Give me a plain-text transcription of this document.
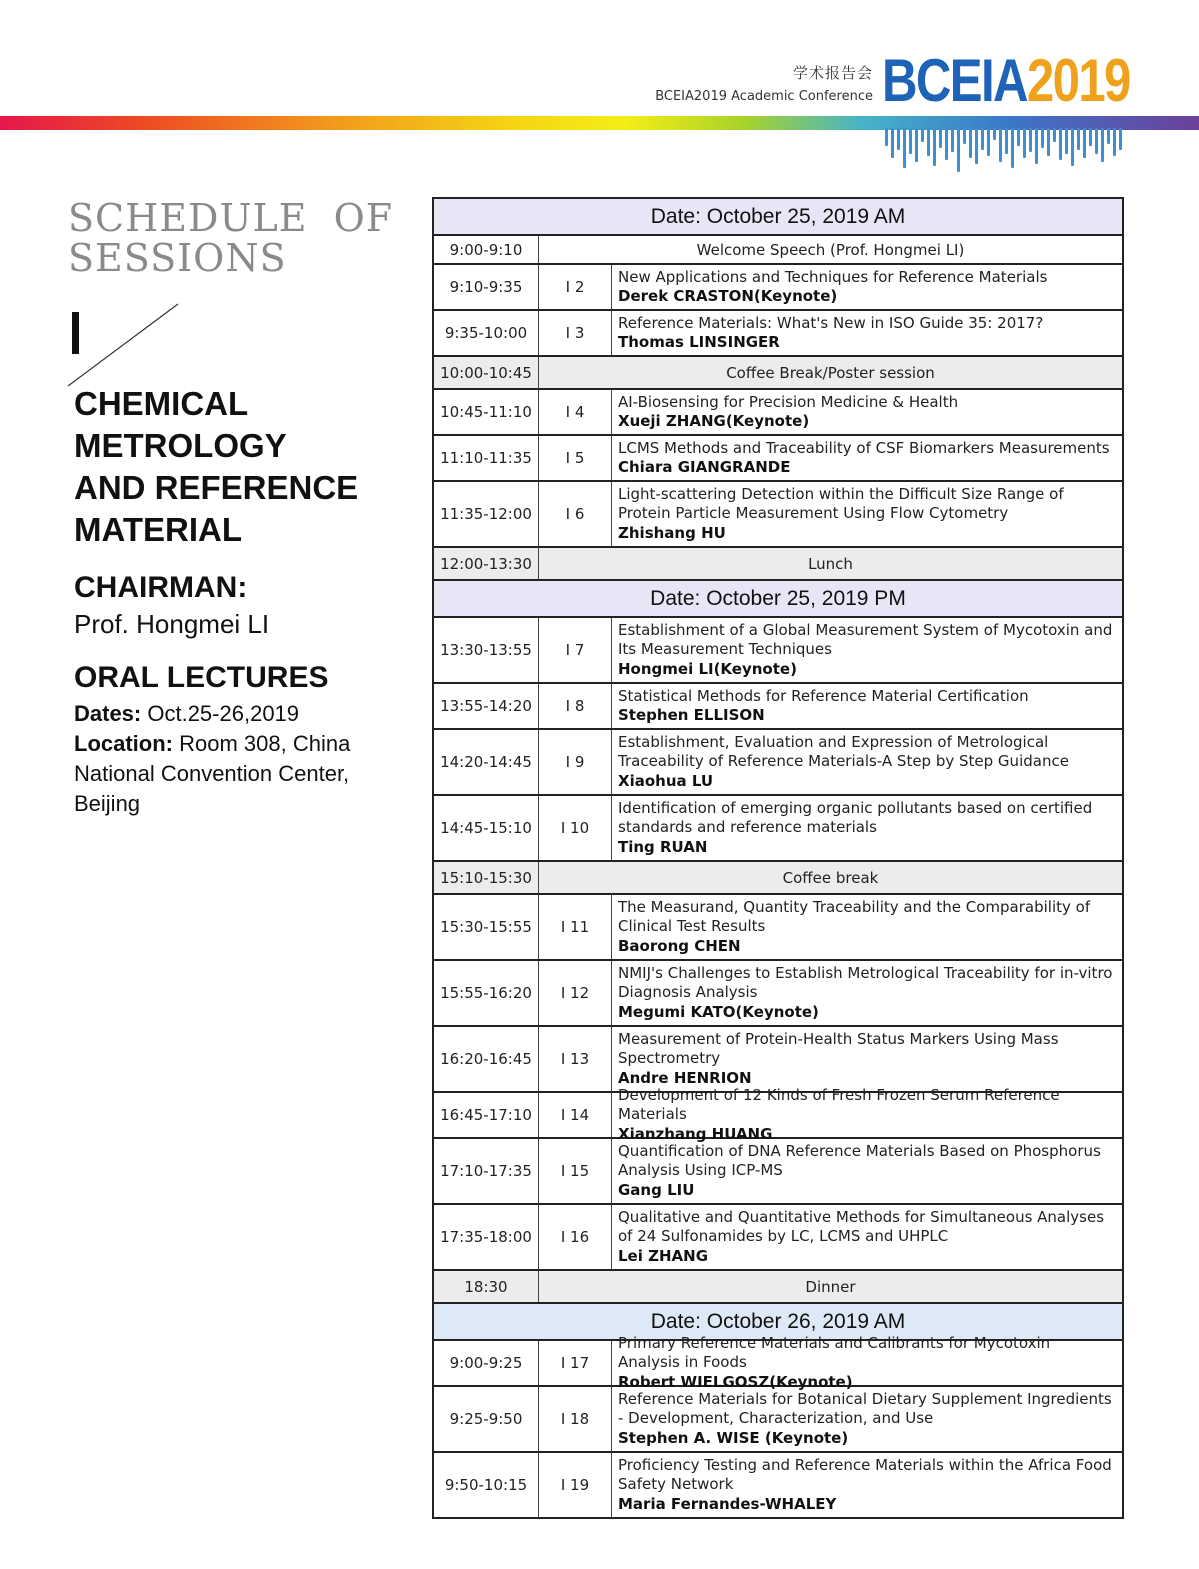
学术报告会
BCEIA2019 Academic Conference BCEIA2019
SCHEDULE  OF
SESSIONS
CHEMICAL
METROLOGY
AND REFERENCE
MATERIAL
CHAIRMAN:
Prof. Hongmei LI
ORAL LECTURES
Dates: Oct.25-26,2019
Location: Room 308, China National Convention Center, Beijing
Date: October 25, 2019 AM
9:00-9:10	Welcome Speech (Prof. Hongmei LI)
9:10-9:35	I 2
New Applications and Techniques for Reference Materials
Derek CRASTON(Keynote)
9:35-10:00	I 3
Reference Materials: What's New in ISO Guide 35: 2017?
Thomas LINSINGER
10:00-10:45	Coffee Break/Poster session
10:45-11:10	I 4
AI-Biosensing for Precision Medicine & Health
Xueji ZHANG(Keynote)
11:10-11:35	I 5
LCMS Methods and Traceability of CSF Biomarkers Measurements
Chiara GIANGRANDE
11:35-12:00	I 6
Light-scattering Detection within the Difficult Size Range of Protein Particle Measurement Using Flow Cytometry
Zhishang HU
12:00-13:30	Lunch
Date: October 25, 2019 PM
13:30-13:55	I 7
Establishment of a Global Measurement System of Mycotoxin and Its Measurement Techniques
Hongmei LI(Keynote)
13:55-14:20	I 8
Statistical Methods for Reference Material Certification
Stephen ELLISON
14:20-14:45	I 9
Establishment, Evaluation and Expression of Metrological Traceability of Reference Materials-A Step by Step Guidance
Xiaohua LU
14:45-15:10	I 10
Identification of emerging organic pollutants based on certified standards and reference materials
Ting RUAN
15:10-15:30	Coffee break
15:30-15:55	I 11
The Measurand, Quantity Traceability and the Comparability of Clinical Test Results
Baorong CHEN
15:55-16:20	I 12
NMIJ's Challenges to Establish Metrological Traceability for in-vitro Diagnosis Analysis
Megumi KATO(Keynote)
16:20-16:45	I 13
Measurement of Protein-Health Status Markers Using Mass Spectrometry
Andre HENRION
16:45-17:10	I 14
Development of 12 Kinds of Fresh Frozen Serum Reference Materials
Xianzhang HUANG
17:10-17:35	I 15
Quantification of DNA Reference Materials Based on Phosphorus Analysis Using ICP-MS
Gang LIU
17:35-18:00	I 16
Qualitative and Quantitative Methods for Simultaneous Analyses of 24 Sulfonamides by LC, LCMS and UHPLC
Lei ZHANG
18:30	Dinner
Date: October 26, 2019 AM
9:00-9:25	I 17
Primary Reference Materials and Calibrants for Mycotoxin Analysis in Foods
Robert WIELGOSZ(Keynote)
9:25-9:50	I 18
Reference Materials for Botanical Dietary Supplement Ingredients - Development, Characterization, and Use
Stephen A. WISE (Keynote)
9:50-10:15	I 19
Proficiency Testing and Reference Materials within the Africa Food Safety Network
Maria Fernandes-WHALEY
